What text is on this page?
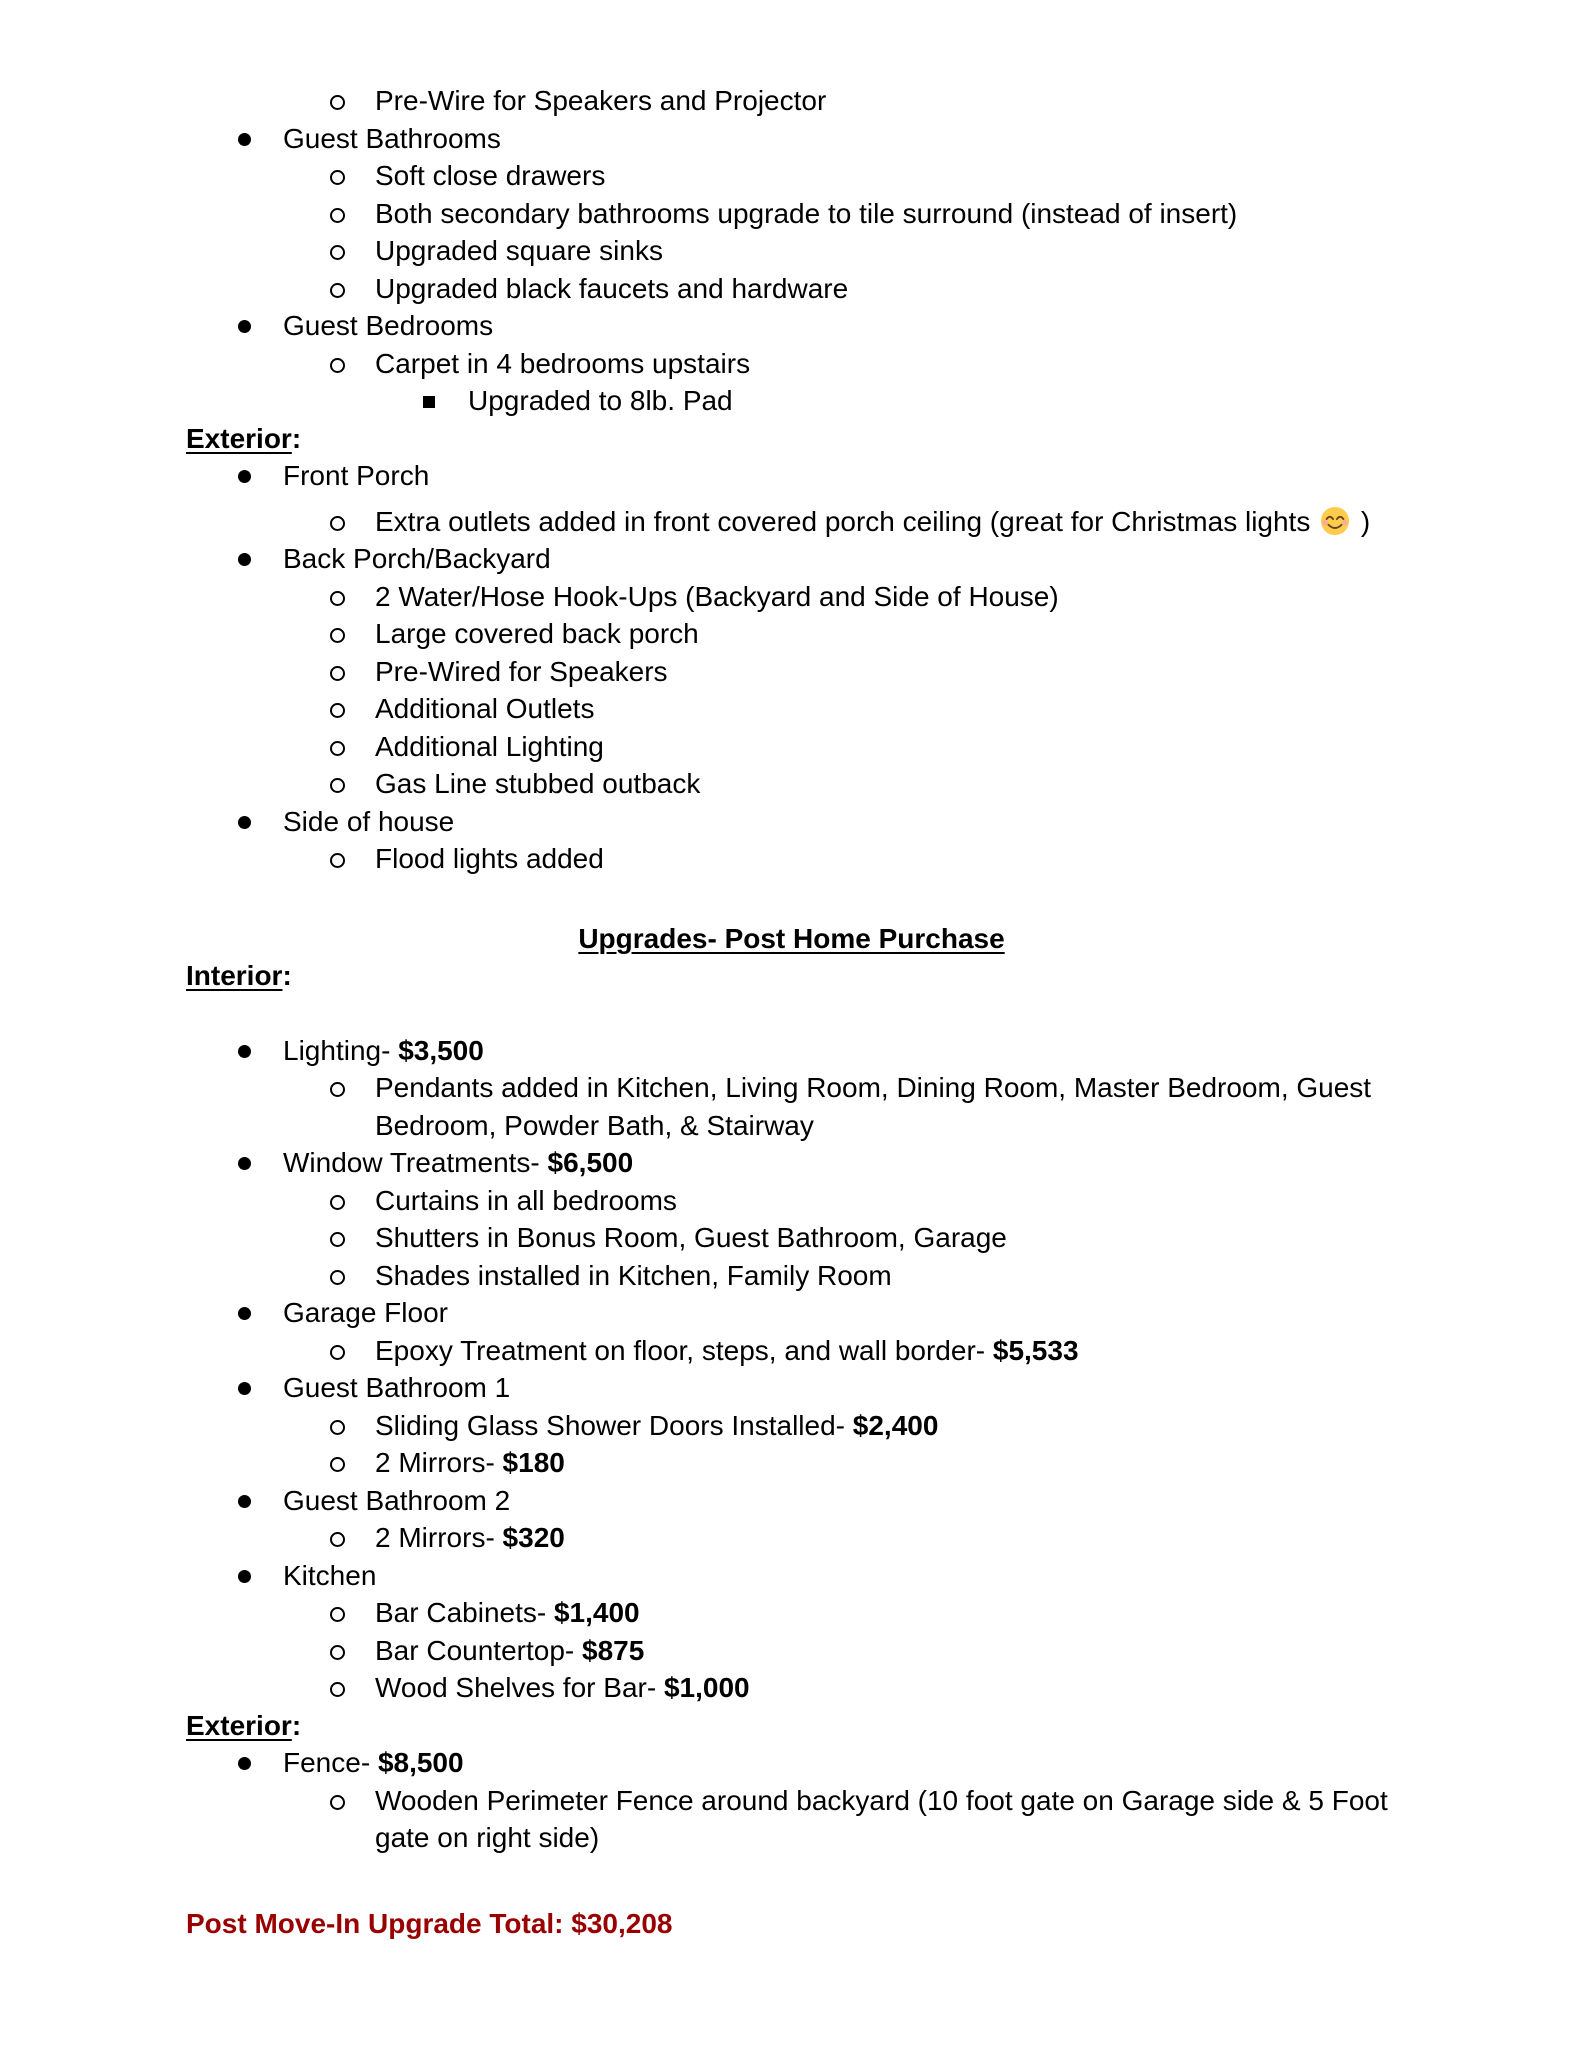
Pre-Wire for Speakers and Projector
Guest Bathrooms
Soft close drawers
Both secondary bathrooms upgrade to tile surround (instead of insert)
Upgraded square sinks
Upgraded black faucets and hardware
Guest Bedrooms
Carpet in 4 bedrooms upstairs
Upgraded to 8lb. Pad
Exterior:
Front Porch
Extra outlets added in front covered porch ceiling (great for Christmas lights  )
Back Porch/Backyard
2 Water/Hose Hook-Ups (Backyard and Side of House)
Large covered back porch
Pre-Wired for Speakers
Additional Outlets
Additional Lighting
Gas Line stubbed outback
Side of house
Flood lights added
Upgrades- Post Home Purchase
Interior:
Lighting- $3,500
Pendants added in Kitchen, Living Room, Dining Room, Master Bedroom, Guest Bedroom, Powder Bath, & Stairway
Window Treatments- $6,500
Curtains in all bedrooms
Shutters in Bonus Room, Guest Bathroom, Garage
Shades installed in Kitchen, Family Room
Garage Floor
Epoxy Treatment on floor, steps, and wall border- $5,533
Guest Bathroom 1
Sliding Glass Shower Doors Installed- $2,400
2 Mirrors- $180
Guest Bathroom 2
2 Mirrors- $320
Kitchen
Bar Cabinets- $1,400
Bar Countertop- $875
Wood Shelves for Bar- $1,000
Exterior:
Fence- $8,500
Wooden Perimeter Fence around backyard (10 foot gate on Garage side & 5 Foot gate on right side)
Post Move-In Upgrade Total: $30,208
